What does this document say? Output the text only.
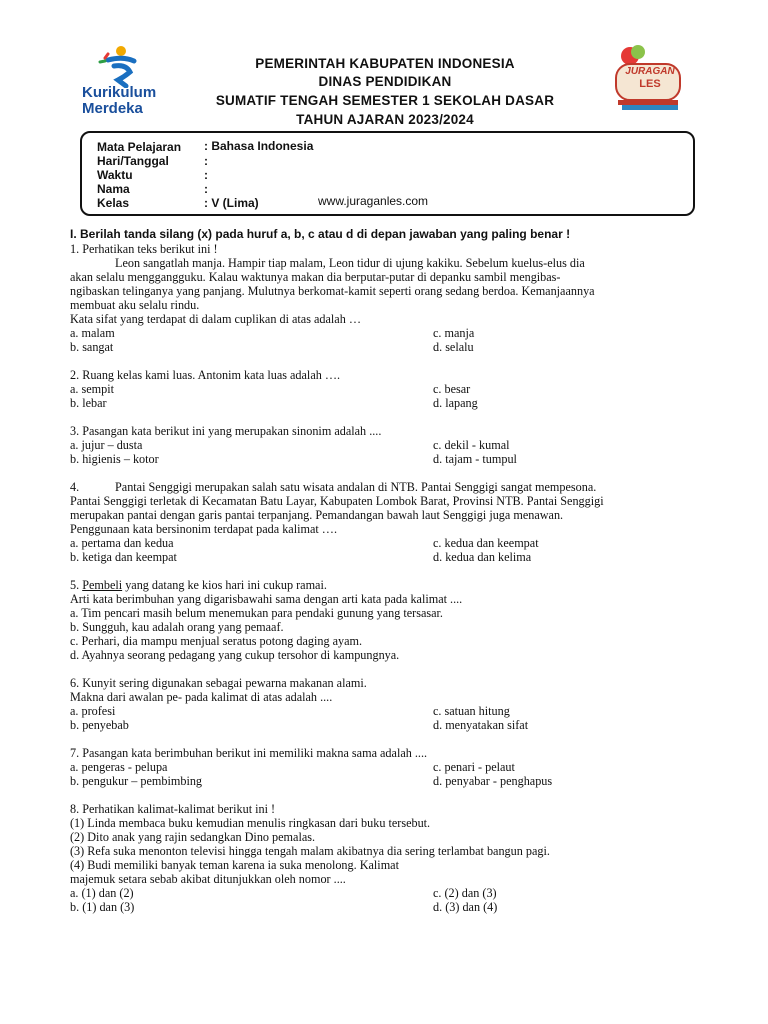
Kurikulum
Merdeka
JURAGAN
LES
PEMERINTAH KABUPATEN INDONESIA
DINAS PENDIDIKAN
SUMATIF TENGAH SEMESTER 1 SEKOLAH DASAR
TAHUN AJARAN 2023/2024
Mata Pelajaran : Bahasa Indonesia
Hari/Tanggal	:
Waktu	:
Nama	:
Kelas	: V (Lima)	www.juraganles.com
I. Berilah tanda silang (x) pada huruf a, b, c atau d di depan jawaban yang paling benar !
1. Perhatikan teks berikut ini !
Leon sangatlah manja. Hampir tiap malam, Leon tidur di ujung kakiku. Sebelum kuelus-elus dia
akan selalu menggangguku. Kalau waktunya makan dia berputar-putar di depanku sambil mengibas-
ngibaskan telinganya yang panjang. Mulutnya berkomat-kamit seperti orang sedang berdoa. Kemanjaannya
membuat aku selalu rindu.
Kata sifat yang terdapat di dalam cuplikan di atas adalah …
a. malam	c. manja
b. sangat	d. selalu
2. Ruang kelas kami luas. Antonim kata luas adalah ….
a. sempit	c. besar
b. lebar	d. lapang
3. Pasangan kata berikut ini yang merupakan sinonim adalah ....
a. jujur – dusta	c. dekil - kumal
b. higienis – kotor	d. tajam - tumpul
4.	Pantai Senggigi merupakan salah satu wisata andalan di NTB. Pantai Senggigi sangat mempesona.
Pantai Senggigi terletak di Kecamatan Batu Layar, Kabupaten Lombok Barat, Provinsi NTB. Pantai Senggigi
merupakan pantai dengan garis pantai terpanjang. Pemandangan bawah laut Senggigi juga menawan.
Penggunaan kata bersinonim terdapat pada kalimat ….
a. pertama dan kedua	c. kedua dan keempat
b. ketiga dan keempat	d. kedua dan kelima
5. Pembeli yang datang ke kios hari ini cukup ramai.
Arti kata berimbuhan yang digarisbawahi sama dengan arti kata pada kalimat ....
a. Tim pencari masih belum menemukan para pendaki gunung yang tersasar.
b. Sungguh, kau adalah orang yang pemaaf.
c. Perhari, dia mampu menjual seratus potong daging ayam.
d. Ayahnya seorang pedagang yang cukup tersohor di kampungnya.
6. Kunyit sering digunakan sebagai pewarna makanan alami.
Makna dari awalan pe- pada kalimat di atas adalah ....
a. profesi	c. satuan hitung
b. penyebab	d. menyatakan sifat
7. Pasangan kata berimbuhan berikut ini memiliki makna sama adalah ....
a. pengeras - pelupa	c. penari - pelaut
b. pengukur – pembimbing	d. penyabar - penghapus
8. Perhatikan kalimat-kalimat berikut ini !
(1) Linda membaca buku kemudian menulis ringkasan dari buku tersebut.
(2) Dito anak yang rajin sedangkan Dino pemalas.
(3) Refa suka menonton televisi hingga tengah malam akibatnya dia sering terlambat bangun pagi.
(4) Budi memiliki banyak teman karena ia suka menolong. Kalimat
majemuk setara sebab akibat ditunjukkan oleh nomor ....
a. (1) dan (2)	c. (2) dan (3)
b. (1) dan (3)	d. (3) dan (4)
